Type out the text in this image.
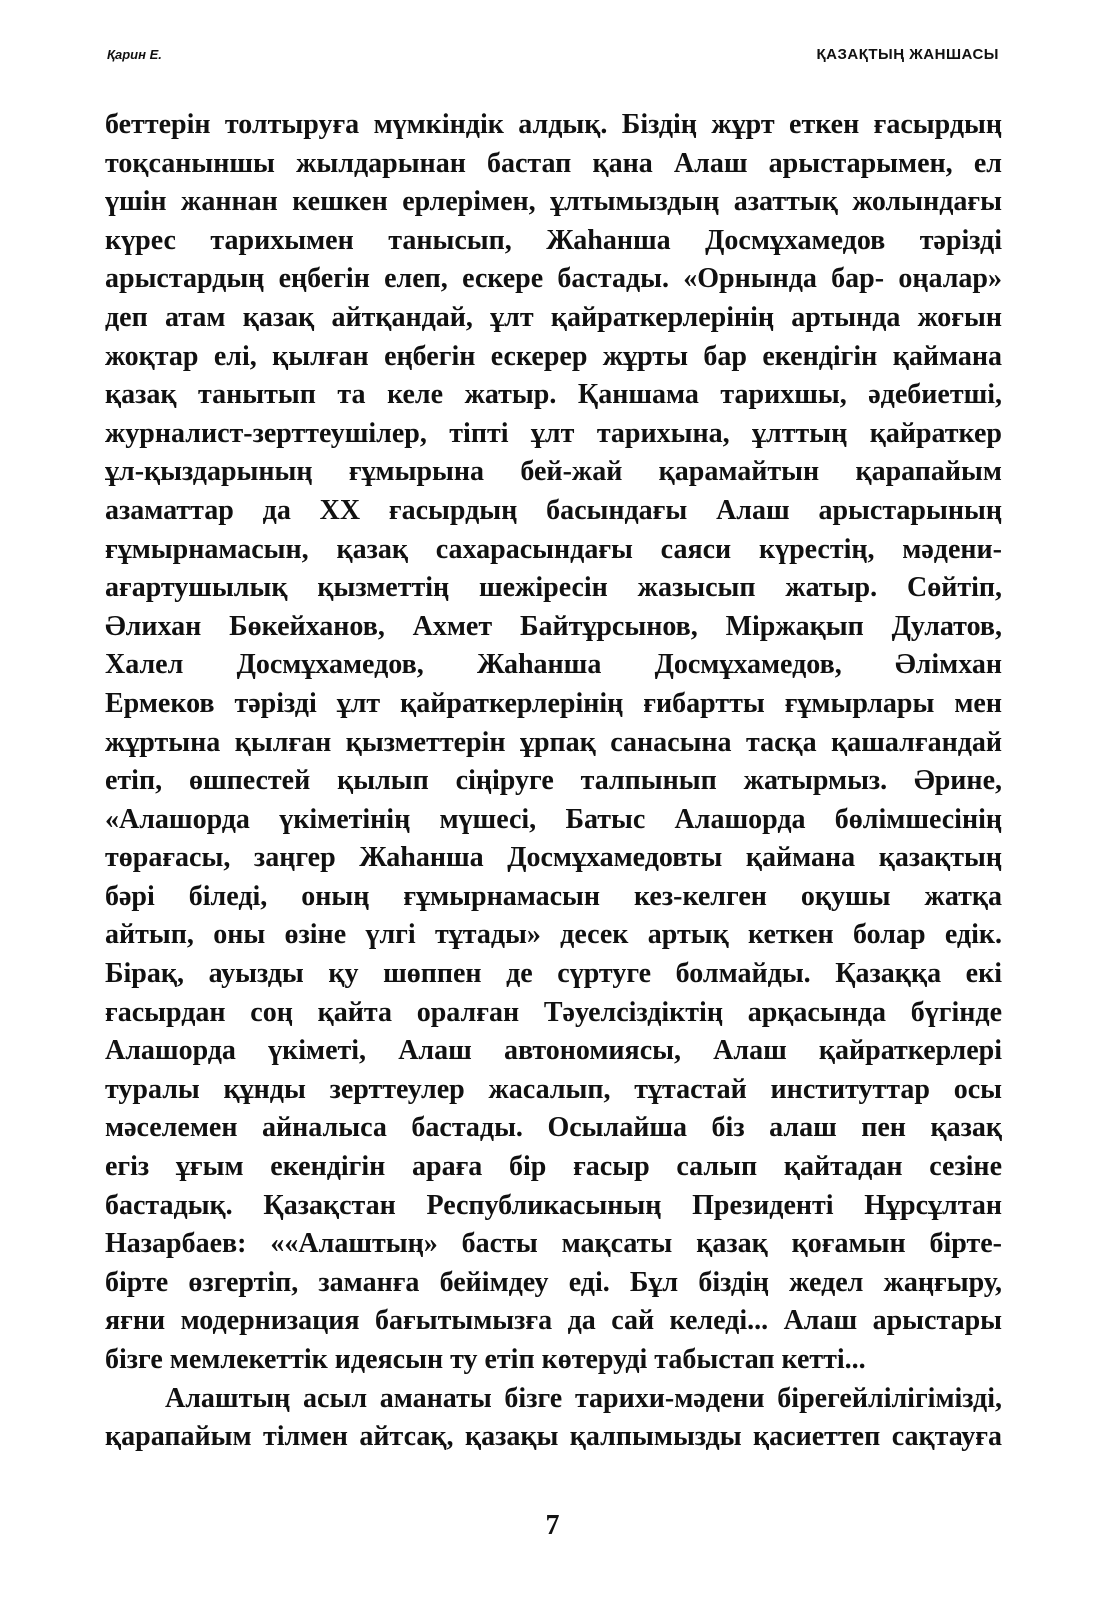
Қарин Е.	ҚАЗАҚТЫҢ ЖАНШАСЫ
беттерін толтыруға мүмкіндік алдық. Біздің жұрт еткен ғасырдың
тоқсаныншы жылдарынан бастап қана Алаш арыстарымен, ел
үшін жаннан кешкен ерлерімен, ұлтымыздың азаттық жолындағы
күрес тарихымен танысып, Жаһанша Досмұхамедов тәрізді
арыстардың еңбегін елеп, ескере бастады. «Орнында бар- оңалар»
деп атам қазақ айтқандай, ұлт қайраткерлерінің артында жоғын
жоқтар елі, қылған еңбегін ескерер жұрты бар екендігін қаймана
қазақ танытып та келе жатыр. Қаншама тарихшы, әдебиетші,
журналист-зерттеушілер, тіпті ұлт тарихына, ұлттың қайраткер
ұл-қыздарының ғұмырына бей-жай қарамайтын қарапайым
азаматтар да XX ғасырдың басындағы Алаш арыстарының
ғұмырнамасын, қазақ сахарасындағы саяси күрестің, мәдени-
ағартушылық қызметтің шежіресін жазысып жатыр. Сөйтіп,
Әлихан Бөкейханов, Ахмет Байтұрсынов, Міржақып Дулатов,
Халел Досмұхамедов, Жаһанша Досмұхамедов, Әлімхан
Ермеков тәрізді ұлт қайраткерлерінің ғибартты ғұмырлары мен
жұртына қылған қызметтерін ұрпақ санасына тасқа қашалғандай
етіп, өшпестей қылып сіңіруге талпынып жатырмыз. Әрине,
«Алашорда үкіметінің мүшесі, Батыс Алашорда бөлімшесінің
төрағасы, заңгер Жаһанша Досмұхамедовты қаймана қазақтың
бәрі біледі, оның ғұмырнамасын кез-келген оқушы жатқа
айтып, оны өзіне үлгі тұтады» десек артық кеткен болар едік.
Бірақ, ауызды қу шөппен де сүртуге болмайды. Қазаққа екі
ғасырдан соң қайта оралған Тәуелсіздіктің арқасында бүгінде
Алашорда үкіметі, Алаш автономиясы, Алаш қайраткерлері
туралы құнды зерттеулер жасалып, тұтастай институттар осы
мәселемен айналыса бастады. Осылайша біз алаш пен қазақ
егіз ұғым екендігін араға бір ғасыр салып қайтадан сезіне
бастадық. Қазақстан Республикасының Президенті Нұрсұлтан
Назарбаев: ««Алаштың» басты мақсаты қазақ қоғамын бірте-
бірте өзгертіп, заманға бейімдеу еді. Бұл біздің жедел жаңғыру,
яғни модернизация бағытымызға да сай келеді... Алаш арыстары
бізге мемлекеттік идеясын ту етіп көтеруді табыстап кетті...
Алаштың асыл аманаты бізге тарихи-мәдени бірегейлілігімізді,
қарапайым тілмен айтсақ, қазақы қалпымызды қасиеттеп сақтауға
7
